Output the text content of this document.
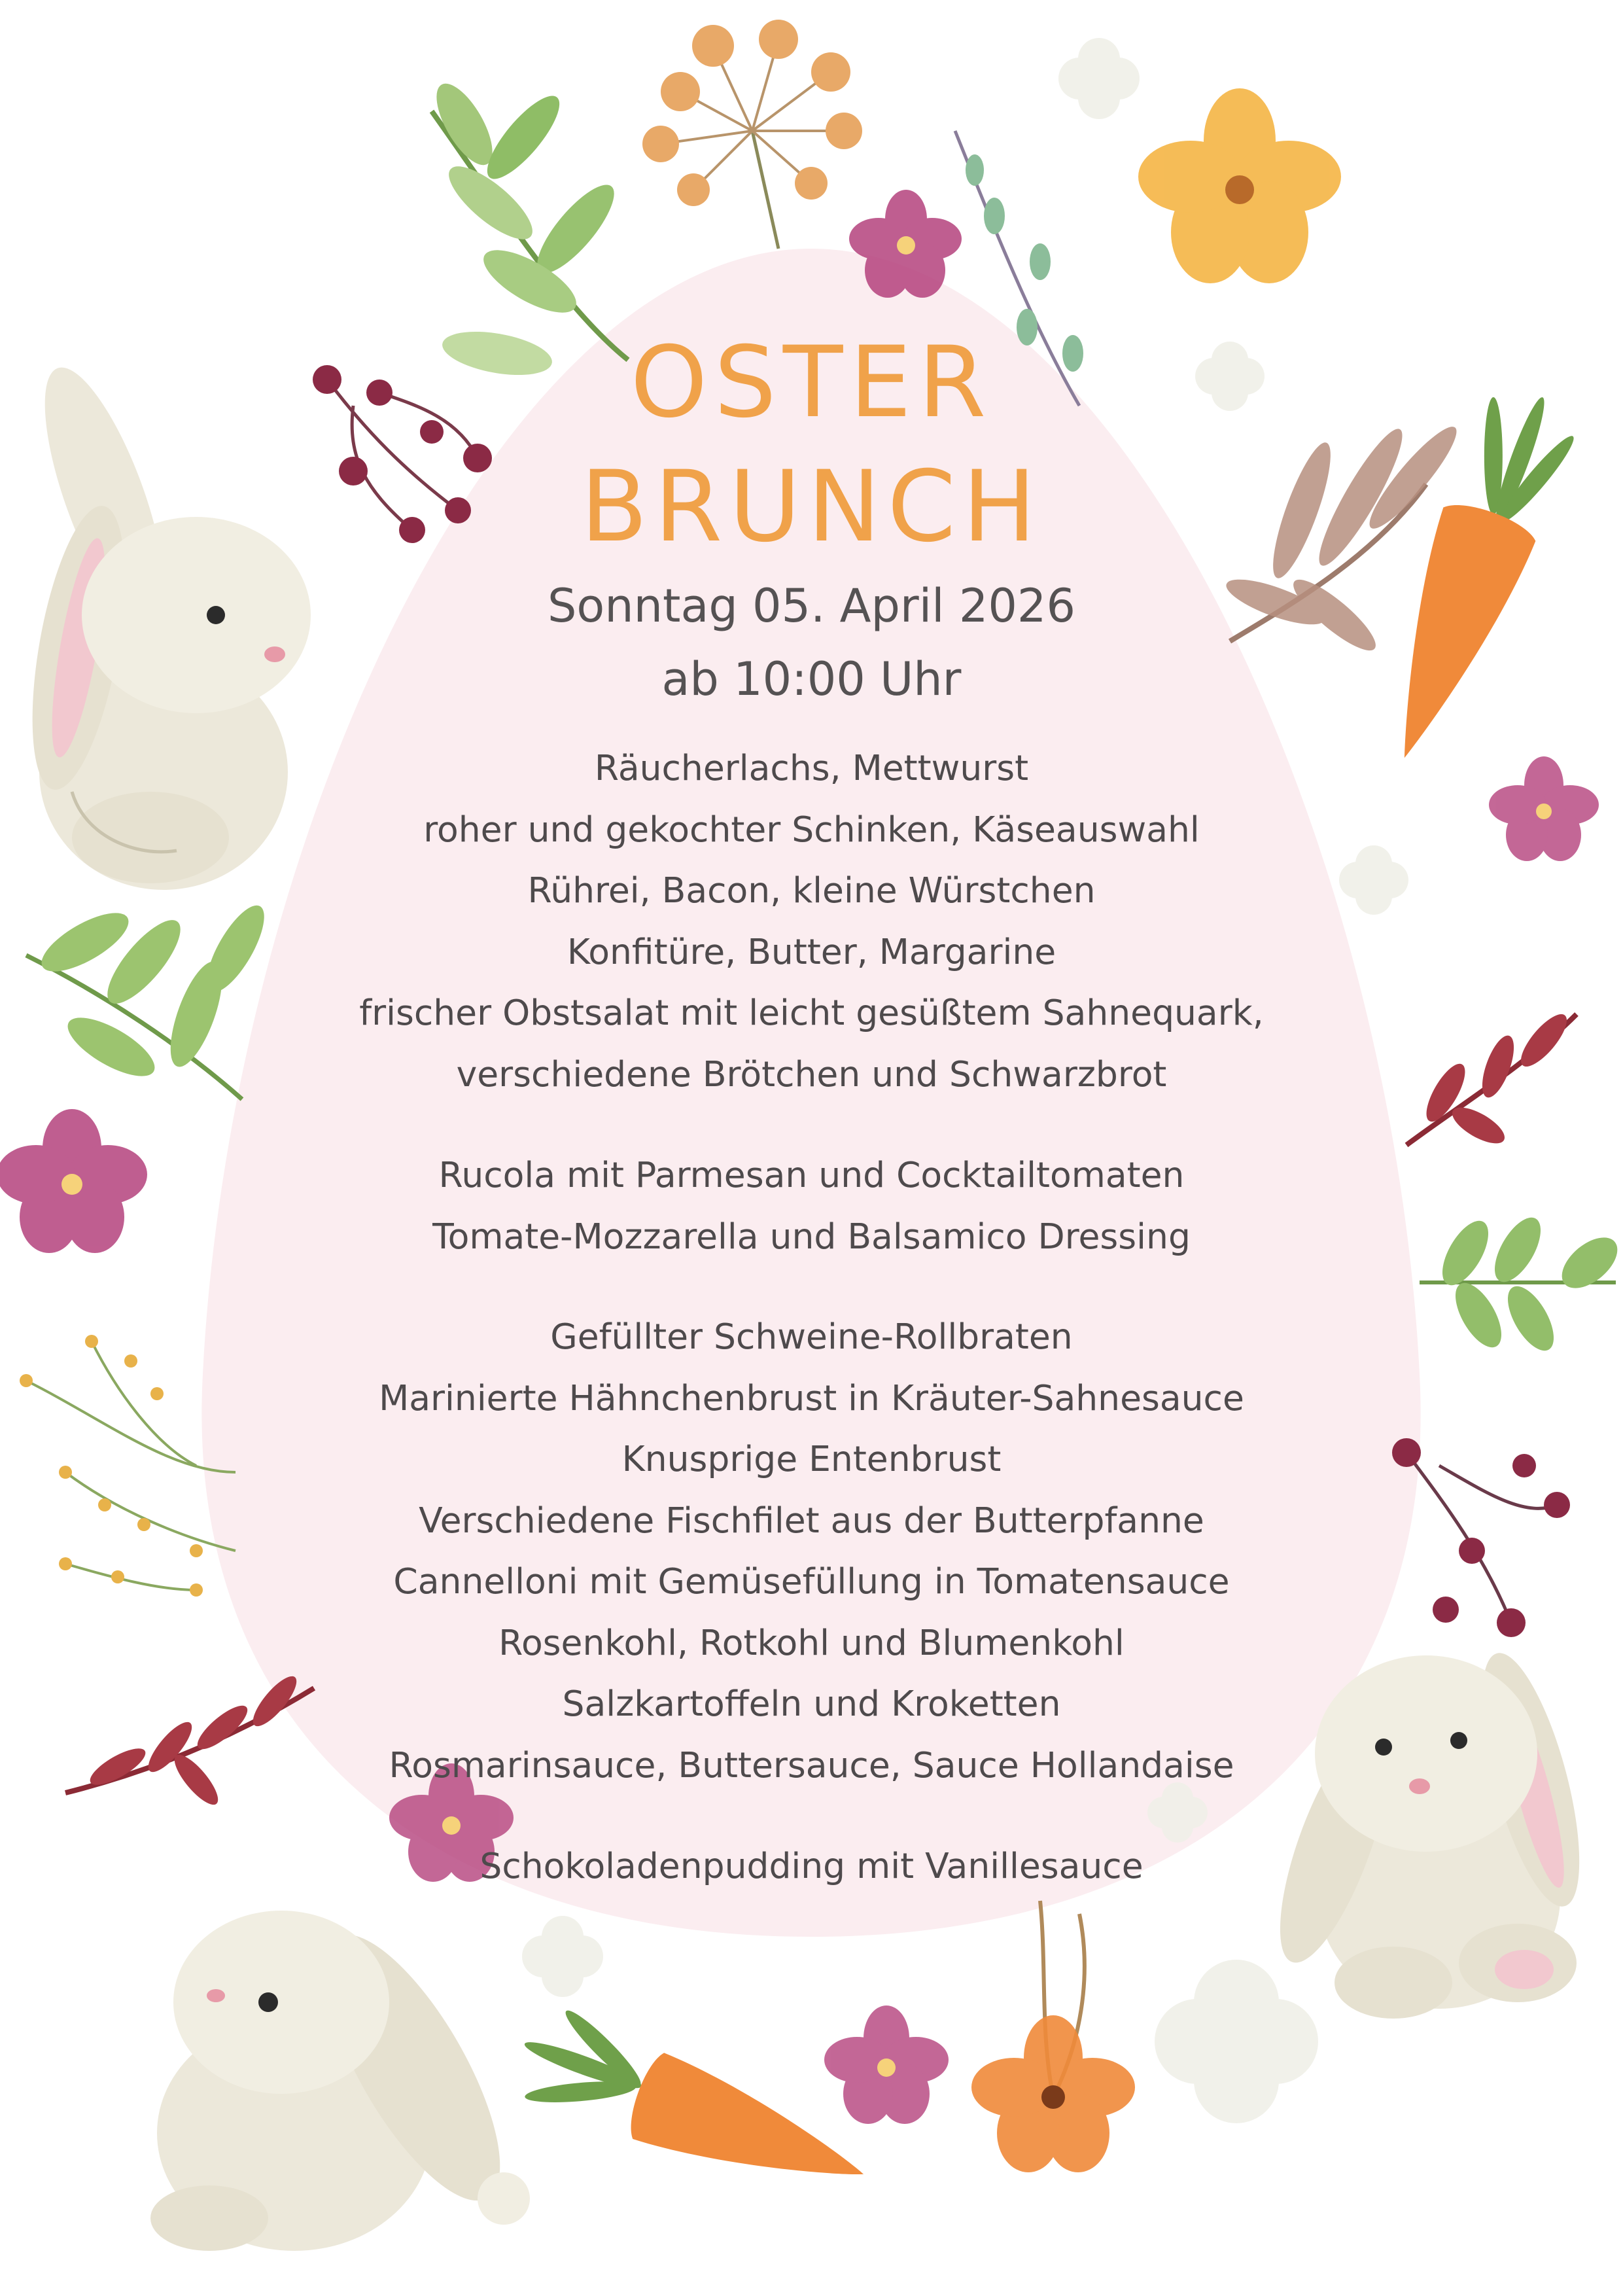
OSTER
BRUNCH
Sonntag 05. April 2026
ab 10:00 Uhr
Räucherlachs, Mettwurst
roher und gekochter Schinken, Käseauswahl
Rührei, Bacon, kleine Würstchen
Konfitüre, Butter, Margarine
frischer Obstsalat mit leicht gesüßtem Sahnequark,
verschiedene Brötchen und Schwarzbrot
Rucola mit Parmesan und Cocktailtomaten
Tomate-Mozzarella und Balsamico Dressing
Gefüllter Schweine-Rollbraten
Marinierte Hähnchenbrust in Kräuter-Sahnesauce
Knusprige Entenbrust
Verschiedene Fischfilet aus der Butterpfanne
Cannelloni mit Gemüsefüllung in Tomatensauce
Rosenkohl, Rotkohl und Blumenkohl
Salzkartoffeln und Kroketten
Rosmarinsauce, Buttersauce, Sauce Hollandaise
Schokoladenpudding mit Vanillesauce
